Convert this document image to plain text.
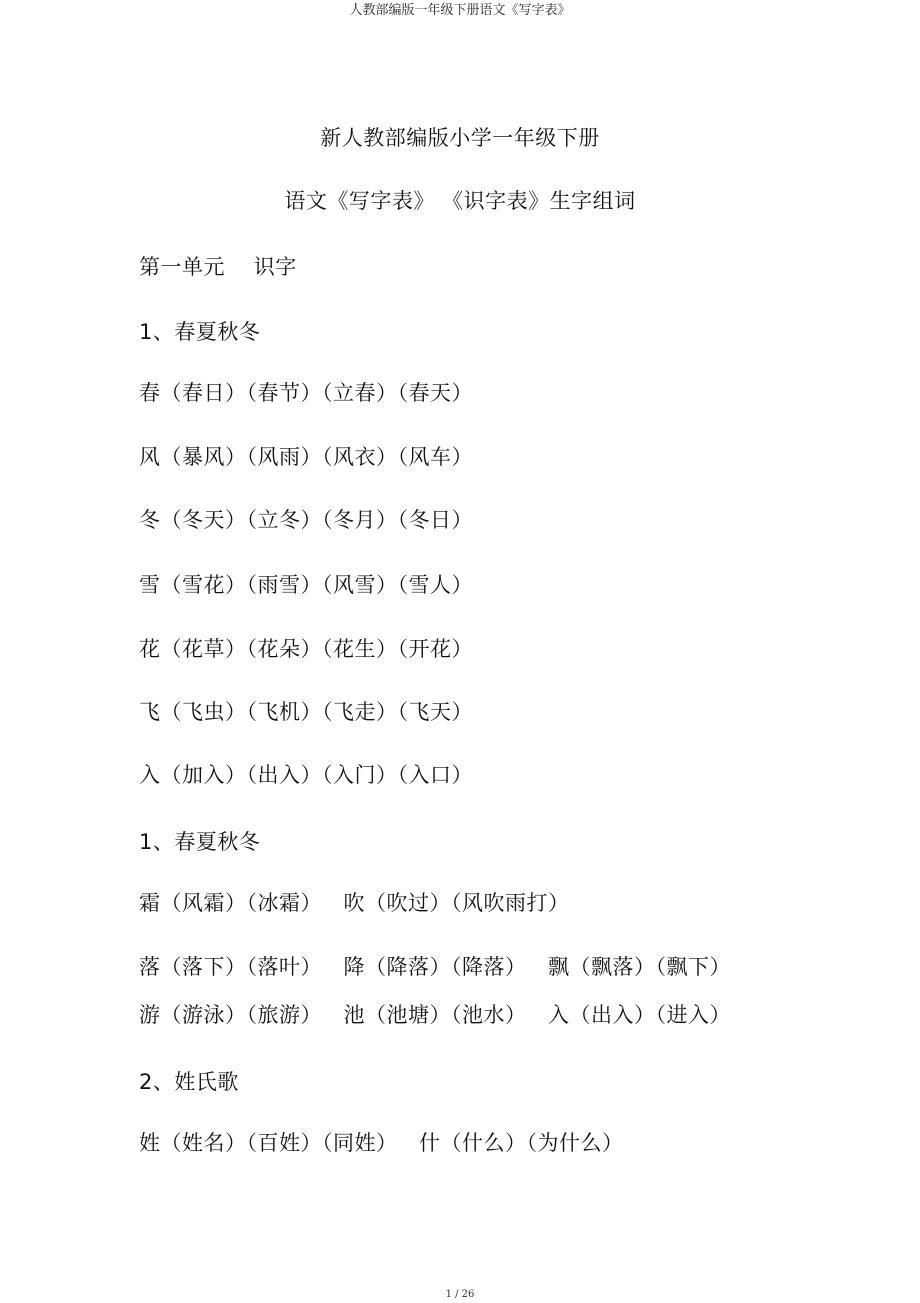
人教部编版一年级下册语文《写字表》
新人教部编版小学一年级下册
语文《写字表》 《识字表》生字组词
第一单元    识字
1、春夏秋冬
春（春日）（春节）（立春）（春天）
风（暴风）（风雨）（风衣）（风车）
冬（冬天）（立冬）（冬月）（冬日）
雪（雪花）（雨雪）（风雪）（雪人）
花（花草）（花朵）（花生）（开花）
飞（飞虫）（飞机）（飞走）（飞天）
入（加入）（出入）（入门）（入口）
1、春夏秋冬
霜（风霜）（冰霜）   吹（吹过）（风吹雨打）
落（落下）（落叶）   降（降落）（降落）   飘（飘落）（飘下）
游（游泳）（旅游）   池（池塘）（池水）   入（出入）（进入）
2、姓氏歌
姓（姓名）（百姓）（同姓）   什（什么）（为什么）
1 / 26
